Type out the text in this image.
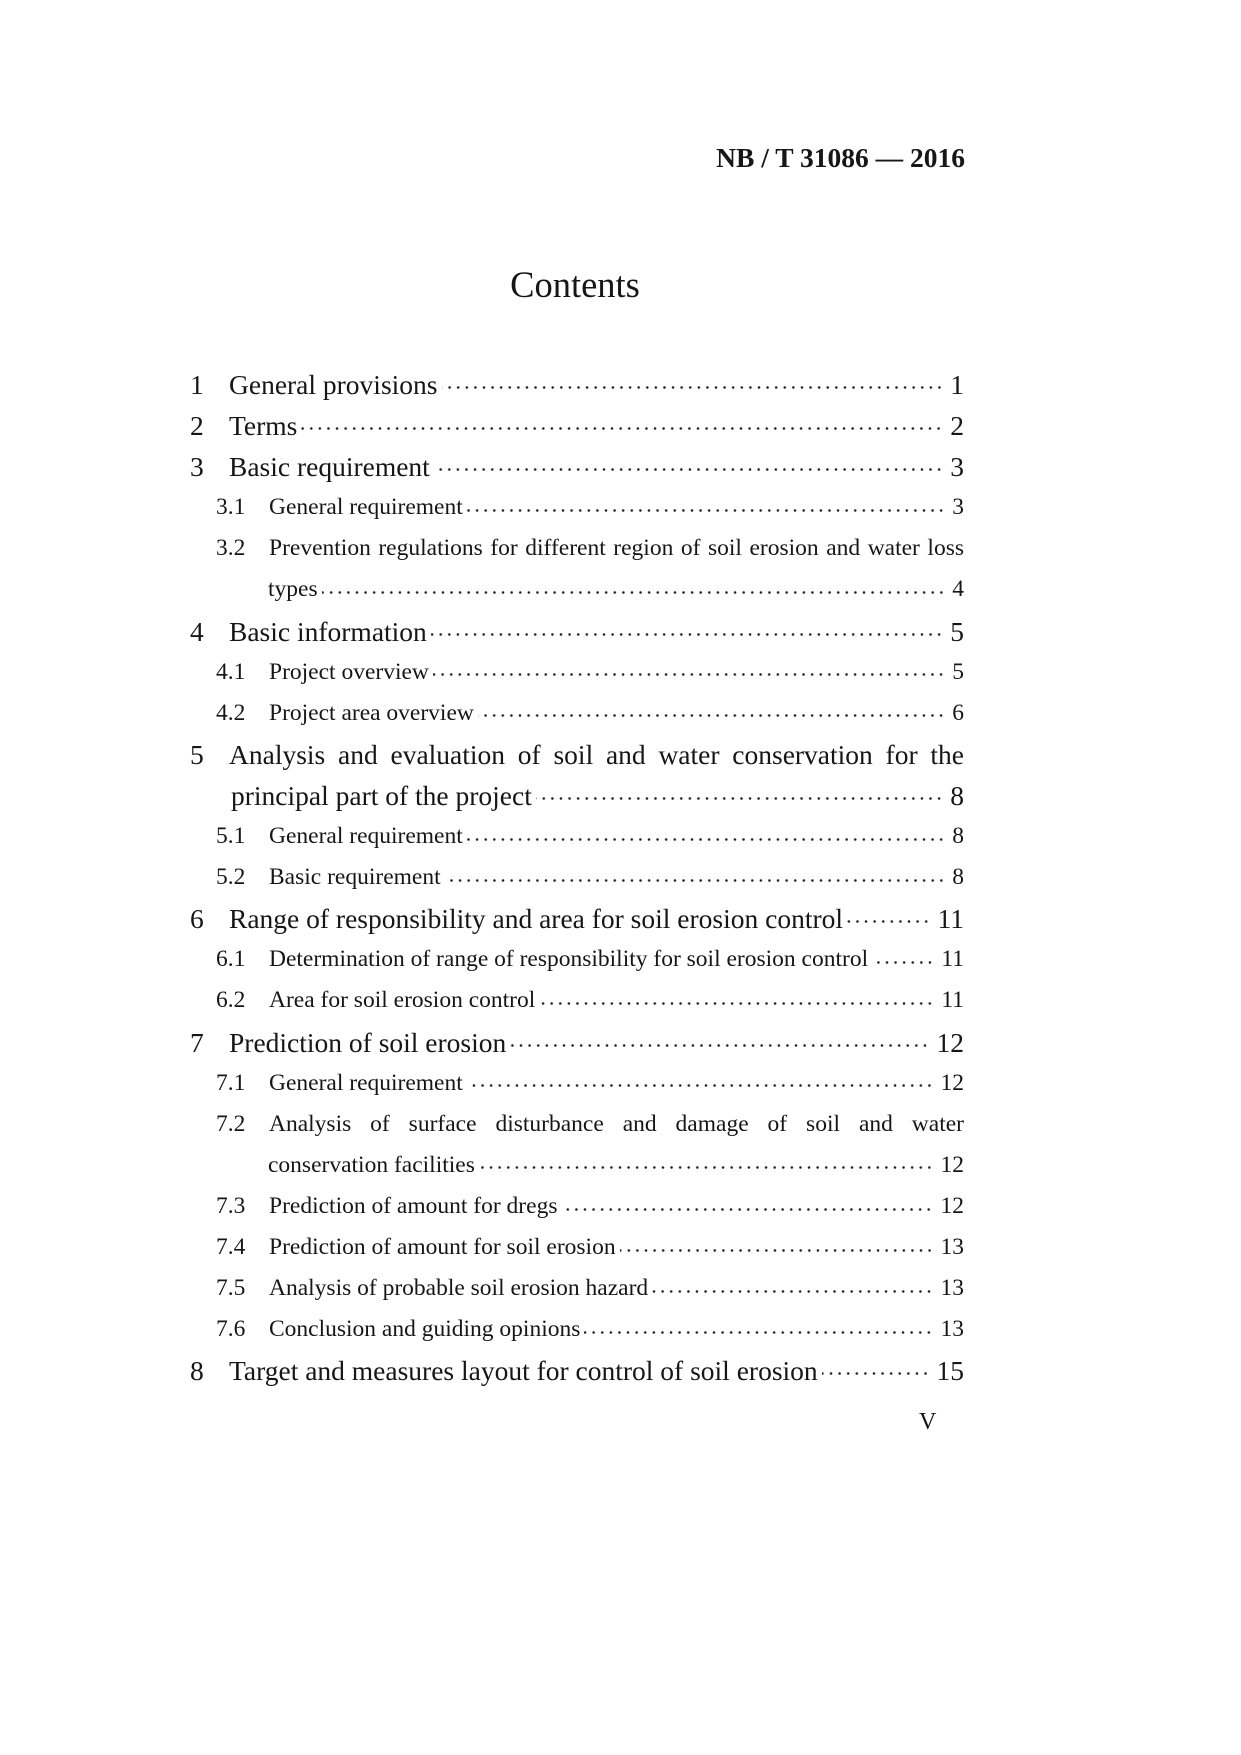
NB / T 31086 — 2016
Contents
1 General provisions	1
2 Terms	2
3 Basic requirement	3
3.1 General requirement	3
3.2 Prevention regulations for different region of soil erosion and water loss
types	4
4 Basic information	5
4.1 Project overview	5
4.2 Project area overview	6
5 Analysis and evaluation of soil and water conservation for the
principal part of the project	8
5.1 General requirement	8
5.2 Basic requirement	8
6 Range of responsibility and area for soil erosion control	11
6.1 Determination of range of responsibility for soil erosion control	11
6.2 Area for soil erosion control	11
7 Prediction of soil erosion	12
7.1 General requirement	12
7.2 Analysis of surface disturbance and damage of soil and water
conservation facilities	12
7.3 Prediction of amount for dregs	12
7.4 Prediction of amount for soil erosion	13
7.5 Analysis of probable soil erosion hazard	13
7.6 Conclusion and guiding opinions	13
8 Target and measures layout for control of soil erosion	15
V
